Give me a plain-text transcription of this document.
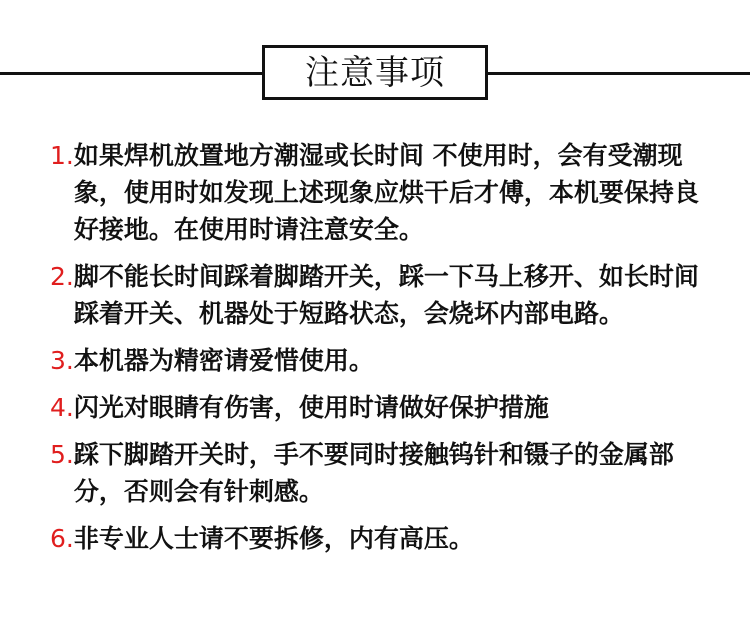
注意事项
1. 如果焊机放置地方潮湿或长时间 不使用时，会有受潮现象，使用时如发现上述现象应烘干后才傅，本机要保持良好接地。在使用时请注意安全。
2. 脚不能长时间踩着脚踏开关，踩一下马上移开、如长时间踩着开关、机器处于短路状态，会烧坏内部电路。
3. 本机器为精密请爱惜使用。
4. 闪光对眼睛有伤害，使用时请做好保护措施
5. 踩下脚踏开关时，手不要同时接触钨针和镊子的金属部分，否则会有针刺感。
6. 非专业人士请不要拆修，内有高压。
